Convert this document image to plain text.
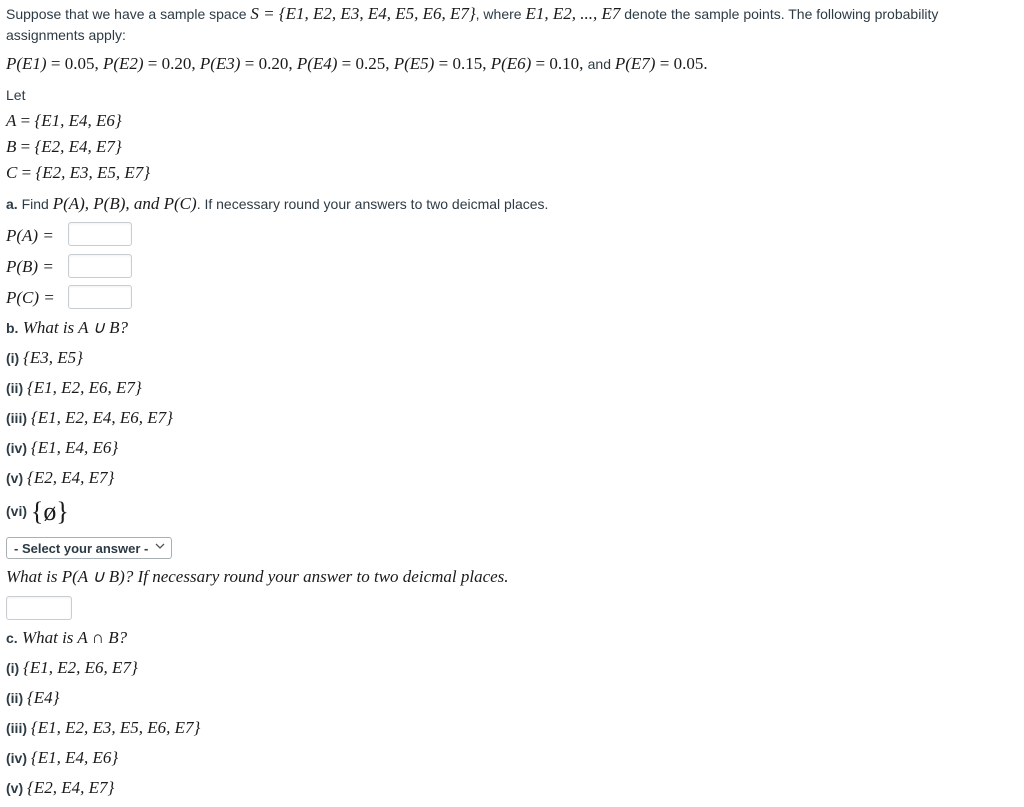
Suppose that we have a sample space S = {E1, E2, E3, E4, E5, E6, E7}, where E1, E2, ..., E7 denote the sample points. The following probability
assignments apply:
P(E1) = 0.05, P(E2) = 0.20, P(E3) = 0.20, P(E4) = 0.25, P(E5) = 0.15, P(E6) = 0.10, and P(E7) = 0.05.
Let
A = {E1, E4, E6}
B = {E2, E4, E7}
C = {E2, E3, E5, E7}
a. Find P(A), P(B), and P(C). If necessary round your answers to two deicmal places.
P(A) =
P(B) =
P(C) =
b. What is A ∪ B?
(i) {E3, E5}
(ii) {E1, E2, E6, E7}
(iii) {E1, E2, E4, E6, E7}
(iv) {E1, E4, E6}
(v) {E2, E4, E7}
(vi) {ø}
- Select your answer -
What is P(A ∪ B)? If necessary round your answer to two deicmal places.
c. What is A ∩ B?
(i) {E1, E2, E6, E7}
(ii) {E4}
(iii) {E1, E2, E3, E5, E6, E7}
(iv) {E1, E4, E6}
(v) {E2, E4, E7}
